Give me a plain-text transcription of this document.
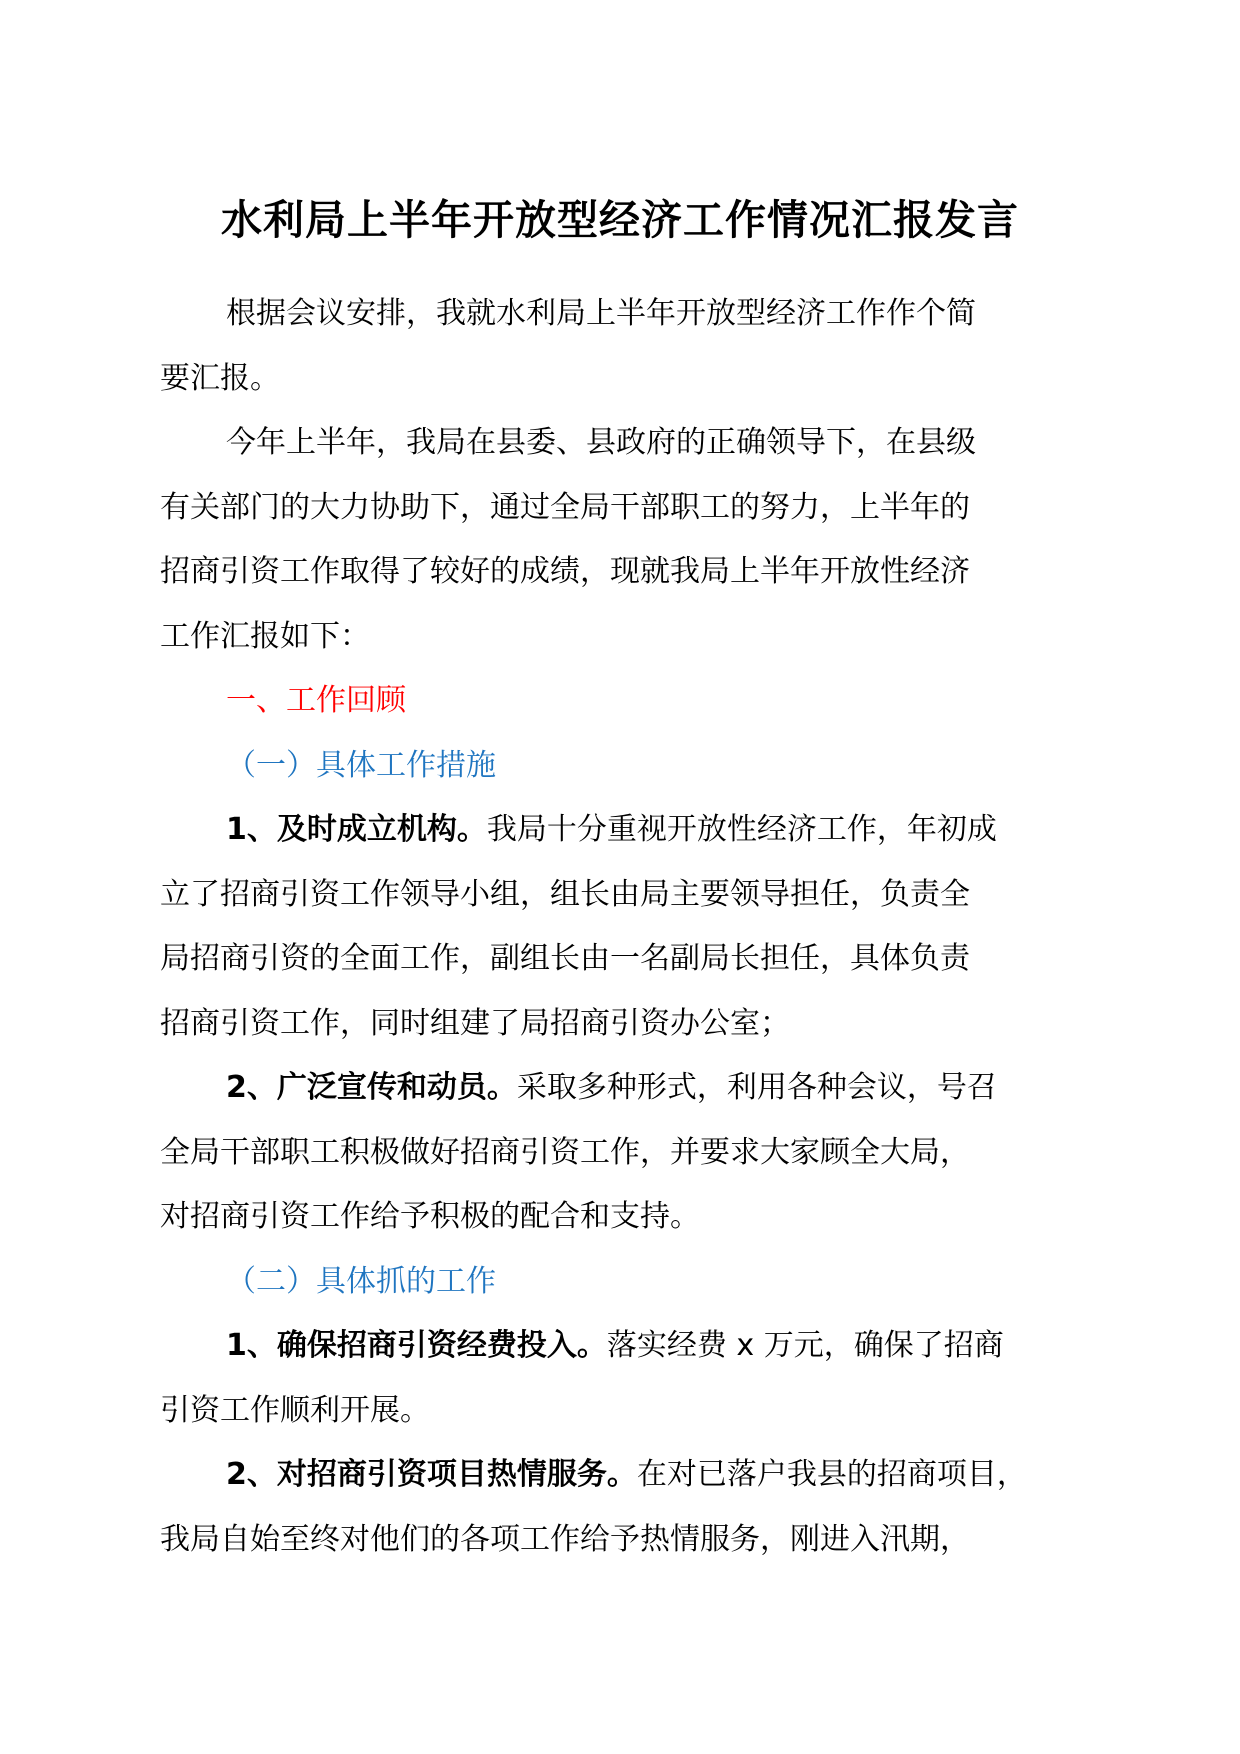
水利局上半年开放型经济工作情况汇报发言

根据会议安排，我就水利局上半年开放型经济工作作个简
要汇报。

今年上半年，我局在县委、县政府的正确领导下，在县级
有关部门的大力协助下，通过全局干部职工的努力，上半年的
招商引资工作取得了较好的成绩，现就我局上半年开放性经济
工作汇报如下：

一、工作回顾

（一）具体工作措施

1、及时成立机构。我局十分重视开放性经济工作，年初成
立了招商引资工作领导小组，组长由局主要领导担任，负责全
局招商引资的全面工作，副组长由一名副局长担任，具体负责
招商引资工作，同时组建了局招商引资办公室；

2、广泛宣传和动员。采取多种形式，利用各种会议，号召
全局干部职工积极做好招商引资工作，并要求大家顾全大局，
对招商引资工作给予积极的配合和支持。

（二）具体抓的工作

1、确保招商引资经费投入。落实经费 x 万元，确保了招商
引资工作顺利开展。

2、对招商引资项目热情服务。在对已落户我县的招商项目，
我局自始至终对他们的各项工作给予热情服务，刚进入汛期，
